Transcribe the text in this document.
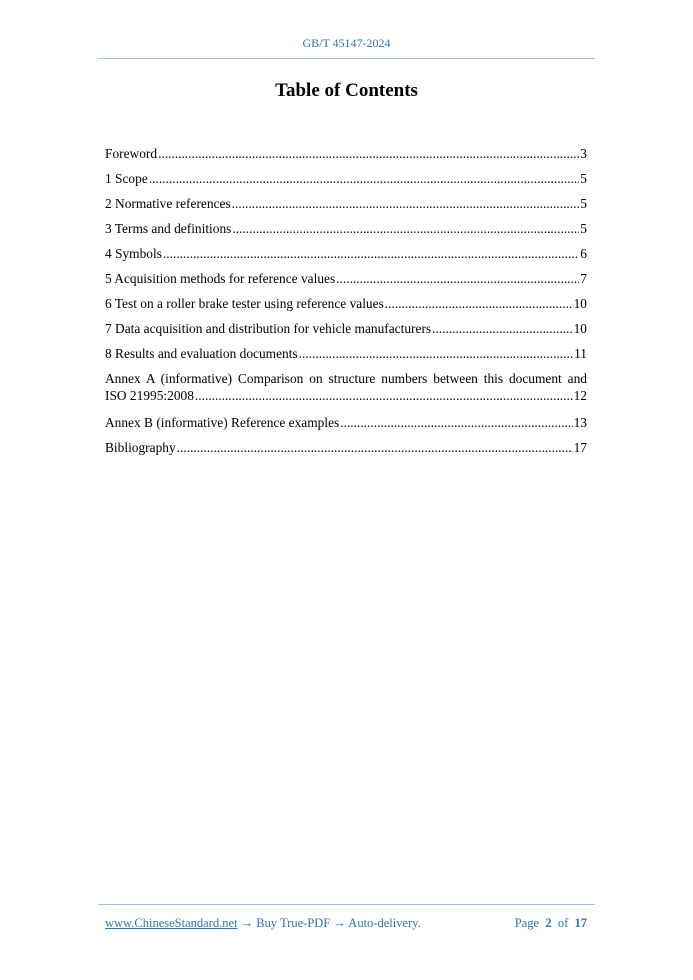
GB/T 45147-2024
Table of Contents
Foreword .....	3
1 Scope .....	5
2 Normative references .....	5
3 Terms and definitions .....	5
4 Symbols .....	6
5 Acquisition methods for reference values .....	7
6 Test on a roller brake tester using reference values .....	10
7 Data acquisition and distribution for vehicle manufacturers .....	10
8 Results and evaluation documents .....	11
Annex A (informative) Comparison on structure numbers between this document and
ISO 21995:2008 .....	12
Annex B (informative) Reference examples .....	13
Bibliography .....	17
www.ChineseStandard.net → Buy True-PDF → Auto-delivery.	Page 2 of 17
